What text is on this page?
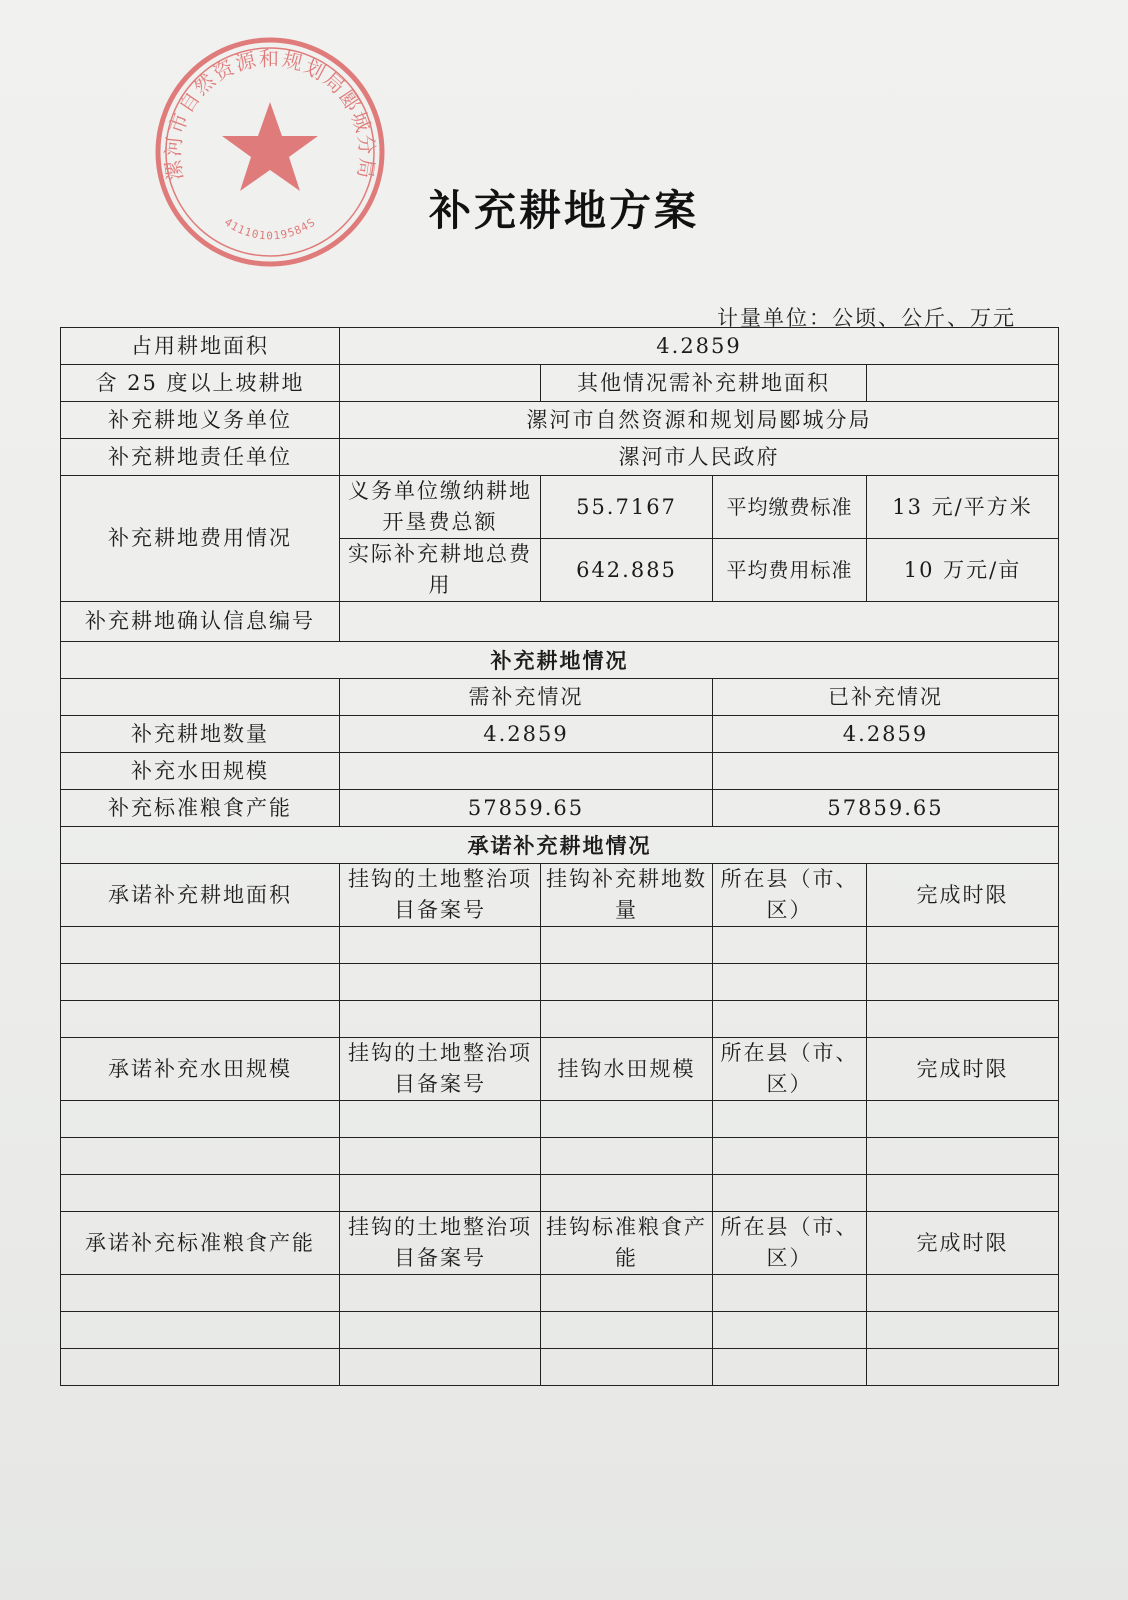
漯河市自然资源和规划局郾城分局
411101019584S	补充耕地方案
计量单位：公顷、公斤、万元
占用耕地面积	4.2859			
含 25 度以上坡耕地		其他情况需补充耕地面积		
补充耕地义务单位	漯河市自然资源和规划局郾城分局			
补充耕地责任单位	漯河市人民政府			
补充耕地费用情况	义务单位缴纳耕地开垦费总额	55.7167	平均缴费标准	13 元/平方米
	实际补充耕地总费用	642.885	平均费用标准	10 万元/亩
补充耕地确认信息编号				
补充耕地情况				
	需补充情况		已补充情况	
补充耕地数量	4.2859		4.2859	
补充水田规模				
补充标准粮食产能	57859.65		57859.65	
承诺补充耕地情况				
承诺补充耕地面积	挂钩的土地整治项目备案号	挂钩补充耕地数量	所在县（市、区）	完成时限

承诺补充水田规模	挂钩的土地整治项目备案号	挂钩水田规模	所在县（市、区）	完成时限

承诺补充标准粮食产能	挂钩的土地整治项目备案号	挂钩标准粮食产能	所在县（市、区）	完成时限
